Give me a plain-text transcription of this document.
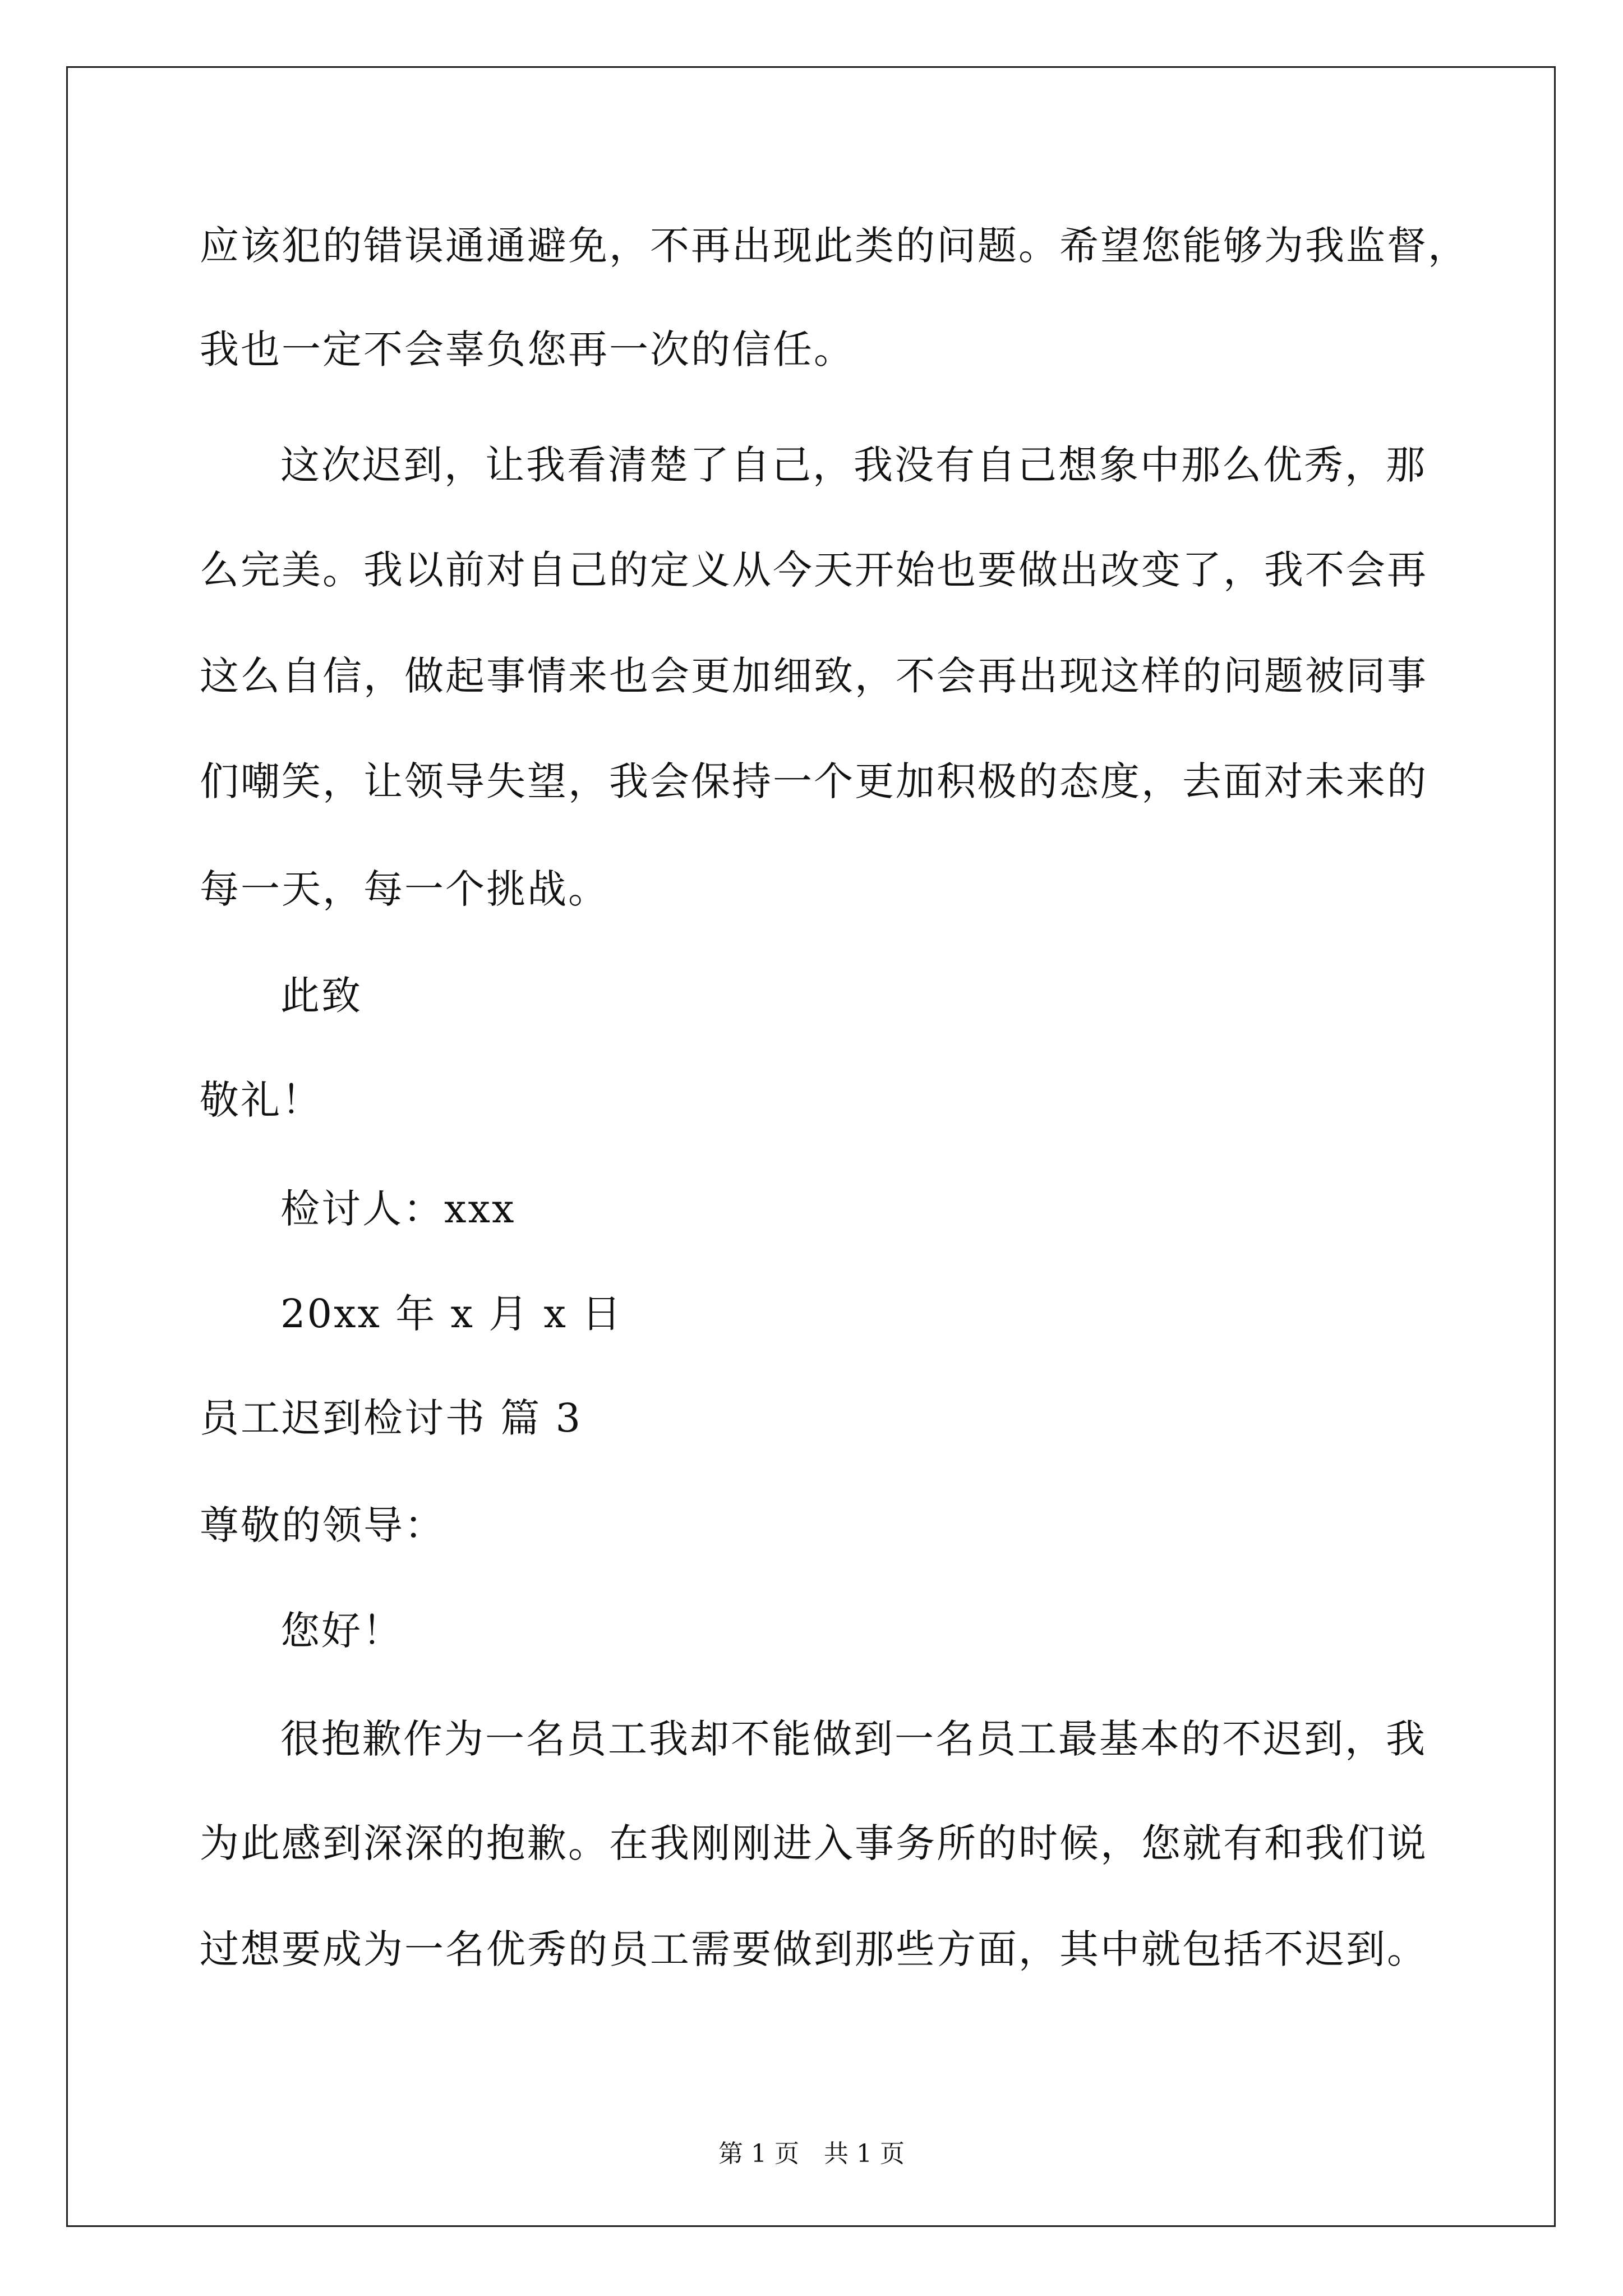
应该犯的错误通通避免，不再出现此类的问题。希望您能够为我监督，
我也一定不会辜负您再一次的信任。
这次迟到，让我看清楚了自己，我没有自己想象中那么优秀，那
么完美。我以前对自己的定义从今天开始也要做出改变了，我不会再
这么自信，做起事情来也会更加细致，不会再出现这样的问题被同事
们嘲笑，让领导失望，我会保持一个更加积极的态度，去面对未来的
每一天，每一个挑战。
此致
敬礼！
检讨人：xxx
20xx 年 x 月 x 日
员工迟到检讨书 篇 3
尊敬的领导：
您好！
很抱歉作为一名员工我却不能做到一名员工最基本的不迟到，我
为此感到深深的抱歉。在我刚刚进入事务所的时候，您就有和我们说
过想要成为一名优秀的员工需要做到那些方面，其中就包括不迟到。
第 1 页　共 1 页
